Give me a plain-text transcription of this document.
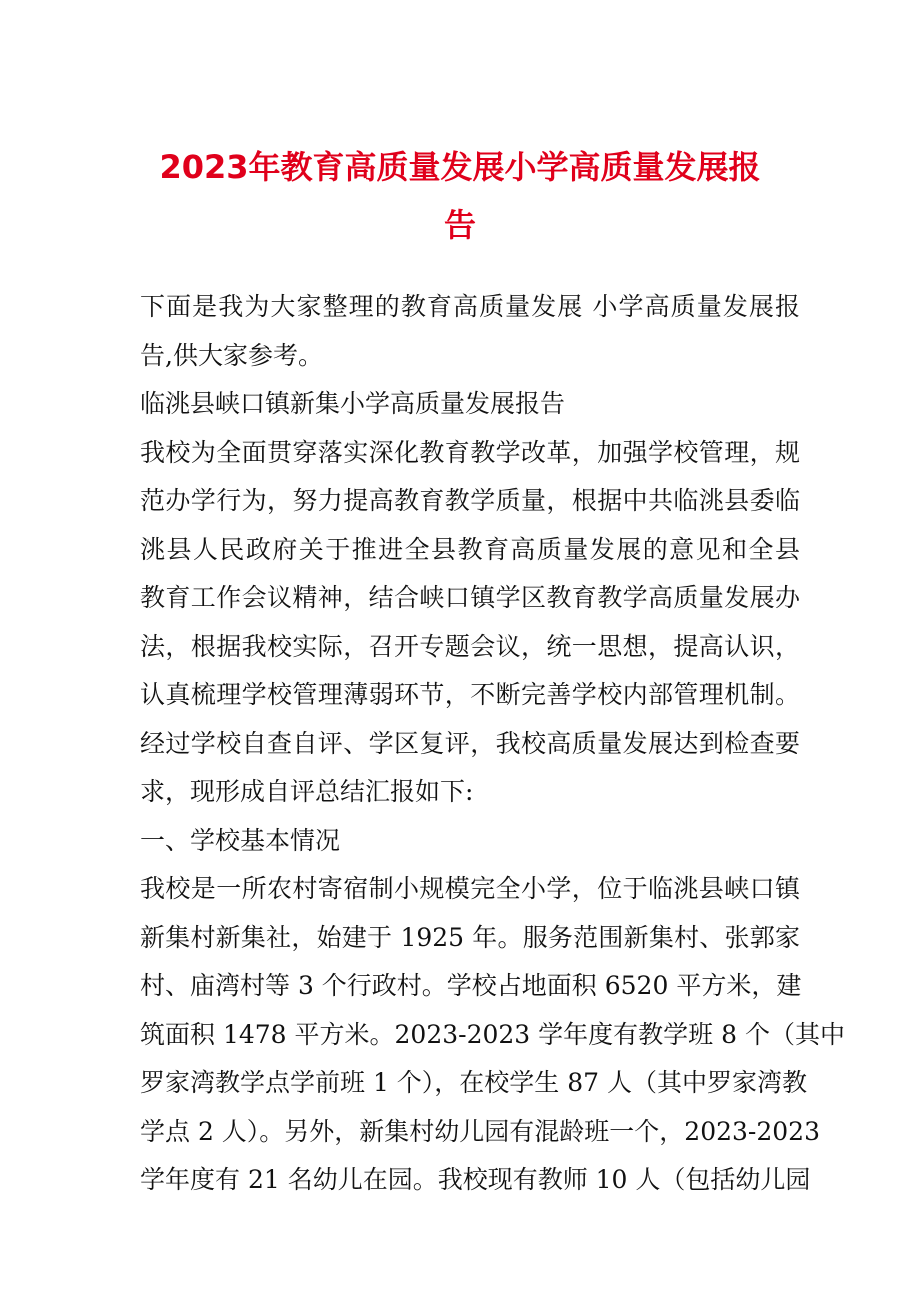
2023年教育高质量发展小学高质量发展报
告

下面是我为大家整理的教育高质量发展 小学高质量发展报
告,供大家参考。

临洮县峡口镇新集小学高质量发展报告

我校为全面贯穿落实深化教育教学改革，加强学校管理，规
范办学行为，努力提高教育教学质量，根据中共临洮县委临
洮县人民政府关于推进全县教育高质量发展的意见和全县
教育工作会议精神，结合峡口镇学区教育教学高质量发展办
法，根据我校实际，召开专题会议，统一思想，提高认识，
认真梳理学校管理薄弱环节，不断完善学校内部管理机制。
经过学校自查自评、学区复评，我校高质量发展达到检查要
求，现形成自评总结汇报如下:

一、学校基本情况

我校是一所农村寄宿制小规模完全小学，位于临洮县峡口镇
新集村新集社，始建于 1925 年。服务范围新集村、张郭家
村、庙湾村等 3 个行政村。学校占地面积 6520 平方米，建
筑面积 1478 平方米。2023-2023 学年度有教学班 8 个（其中
罗家湾教学点学前班 1 个），在校学生 87 人（其中罗家湾教
学点 2 人）。另外，新集村幼儿园有混龄班一个，2023-2023
学年度有 21 名幼儿在园。我校现有教师 10 人（包括幼儿园
